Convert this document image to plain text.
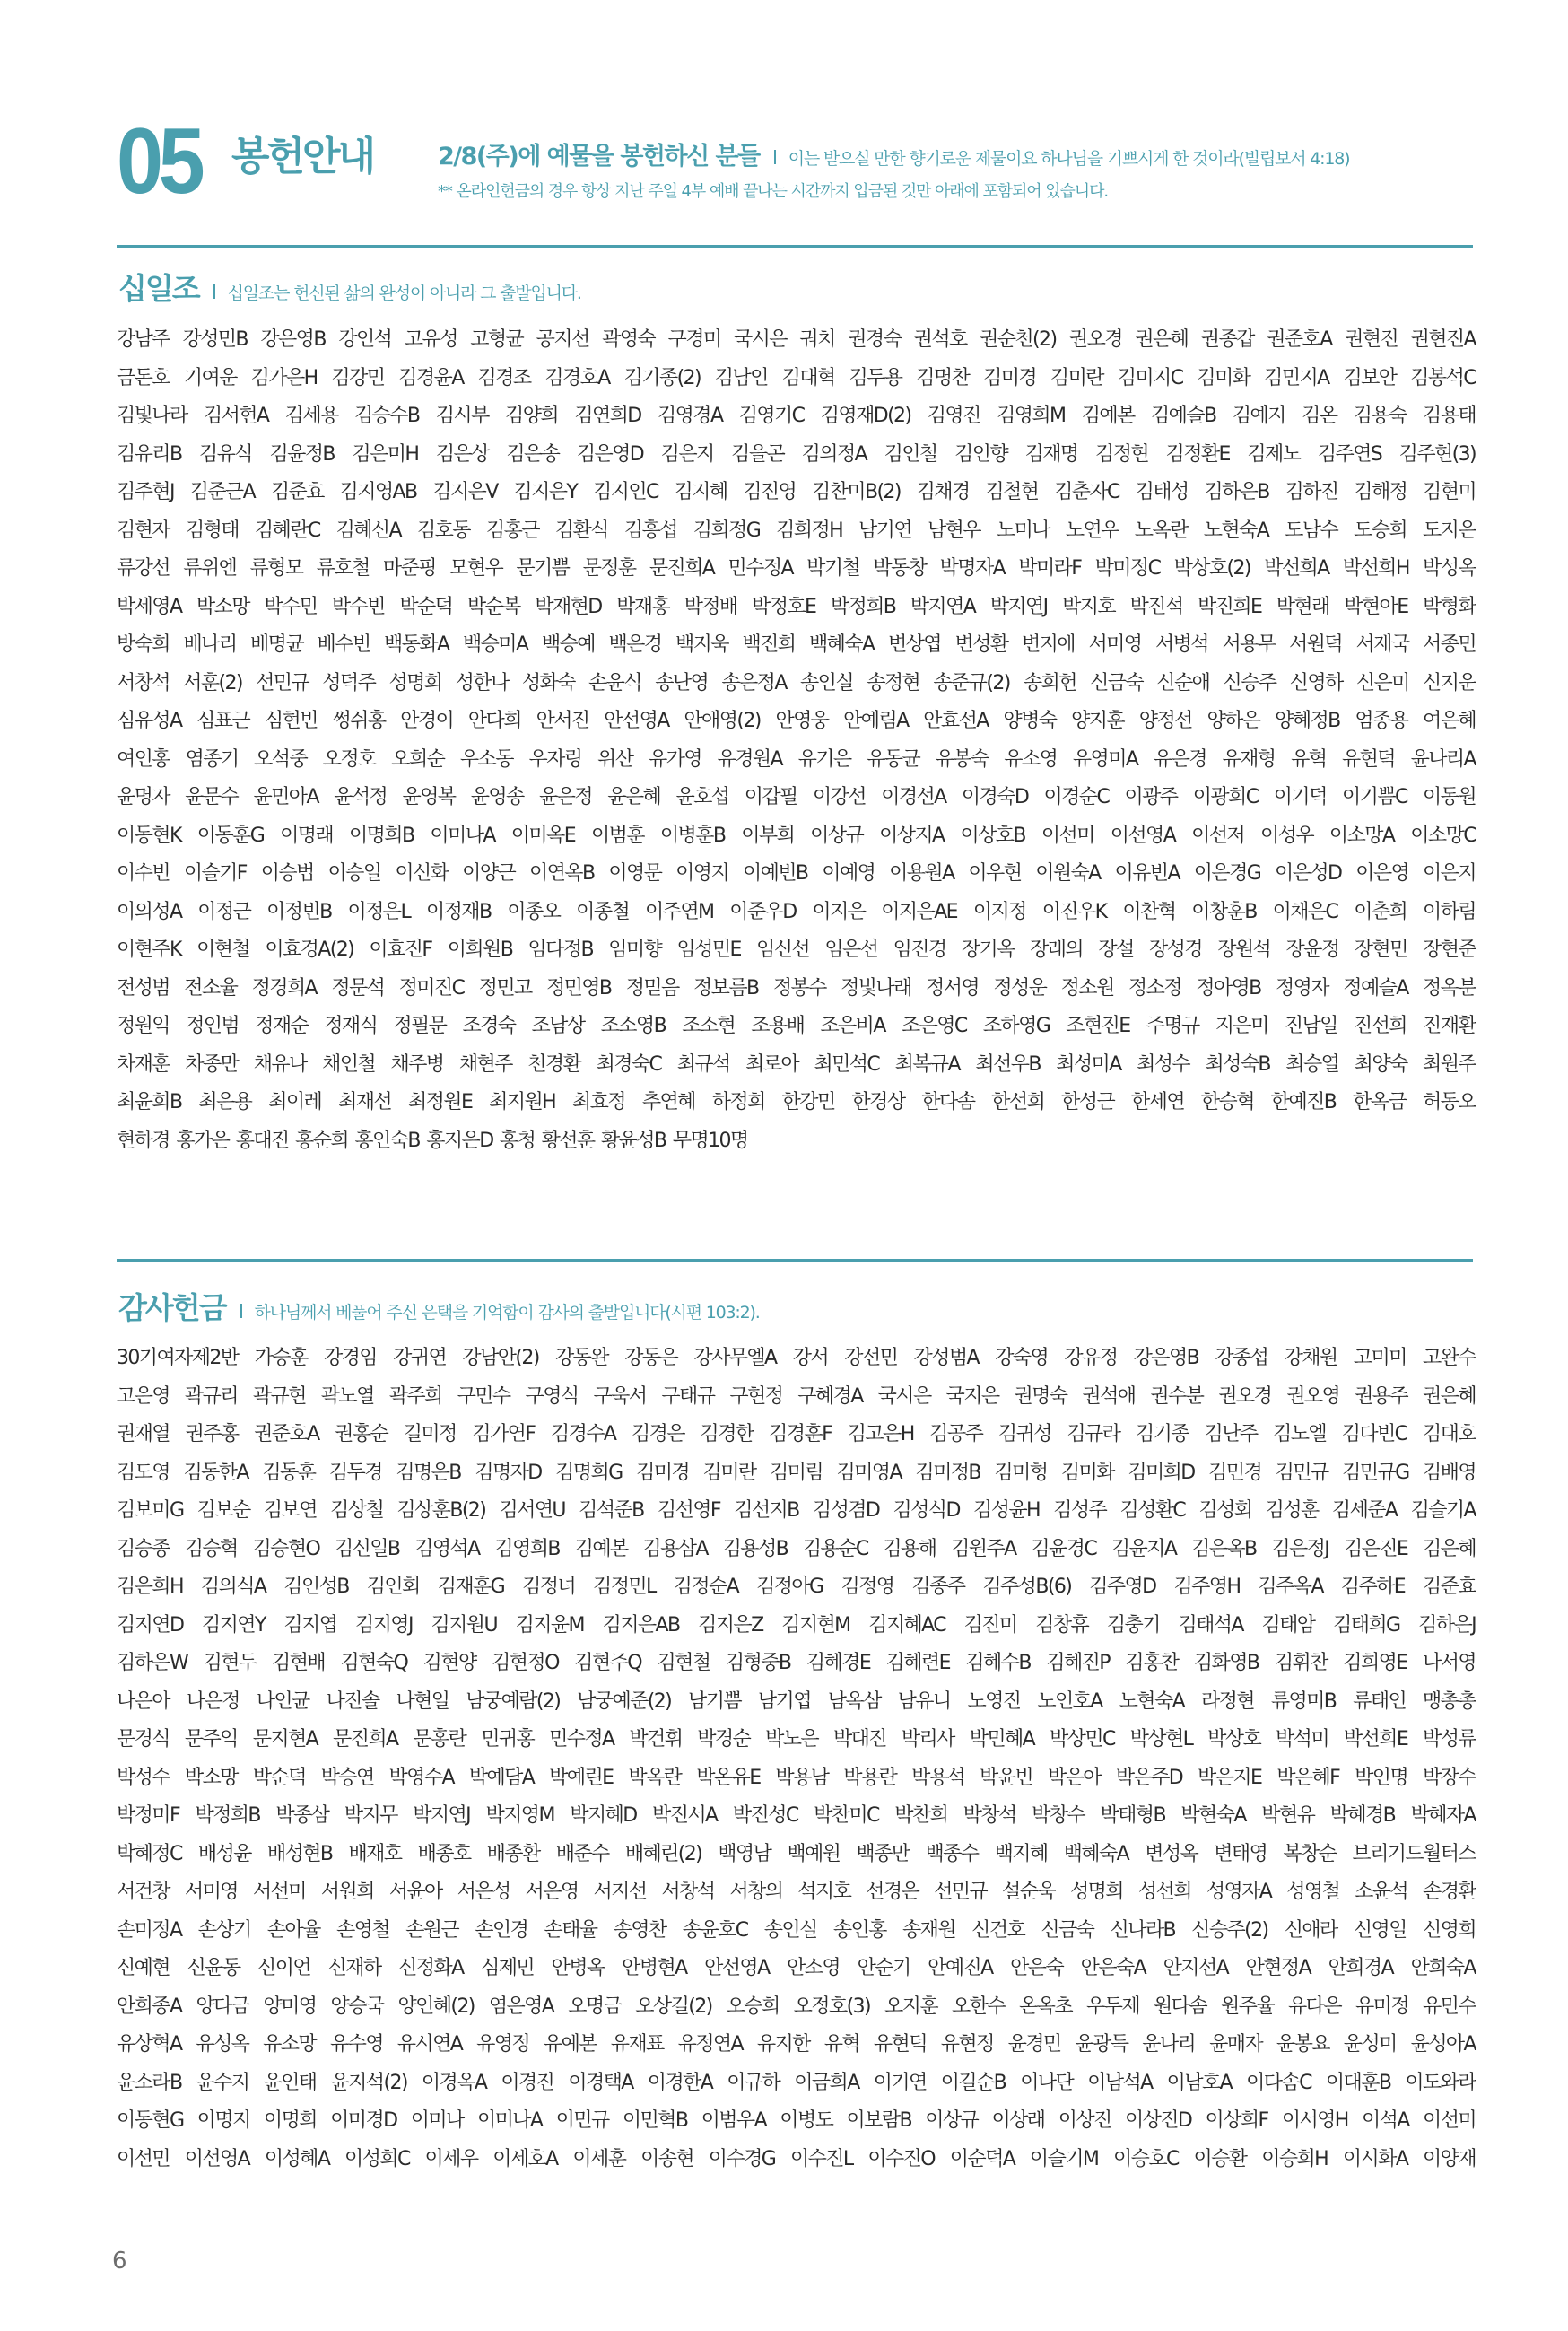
05 봉헌안내	2/8(주)에 예물을 봉헌하신 분들 이는 받으실 만한 향기로운 제물이요 하나님을 기쁘시게 한 것이라(빌립보서 4:18)
** 온라인헌금의 경우 항상 지난 주일 4부 예배 끝나는 시간까지 입금된 것만 아래에 포함되어 있습니다.
십일조 십일조는 헌신된 삶의 완성이 아니라 그 출발입니다.
강남주 강성민B 강은영B 강인석 고유성 고형균 공지선 곽영숙 구경미 국시은 궈치 권경숙 권석호 권순천(2) 권오경 권은혜 권종갑 권준호A 권현진 권현진A
금돈호 기여운 김가은H 김강민 김경윤A 김경조 김경호A 김기종(2) 김남인 김대혁 김두용 김명찬 김미경 김미란 김미지C 김미화 김민지A 김보안 김봉석C
김빛나라 김서현A 김세용 김승수B 김시부 김양희 김연희D 김영경A 김영기C 김영재D(2) 김영진 김영희M 김예본 김예슬B 김예지 김온 김용숙 김용태
김유리B 김유식 김윤정B 김은미H 김은상 김은송 김은영D 김은지 김을곤 김의정A 김인철 김인향 김재명 김정현 김정환E 김제노 김주연S 김주현(3)
김주현J 김준근A 김준효 김지영AB 김지은V 김지은Y 김지인C 김지혜 김진영 김찬미B(2) 김채경 김철현 김춘자C 김태성 김하은B 김하진 김해정 김현미
김현자 김형태 김혜란C 김혜신A 김호동 김홍근 김환식 김흥섭 김희정G 김희정H 남기연 남현우 노미나 노연우 노옥란 노현숙A 도남수 도승희 도지은
류강선 류위엔 류형모 류호철 마준핑 모현우 문기쁨 문정훈 문진희A 민수정A 박기철 박동창 박명자A 박미라F 박미정C 박상호(2) 박선희A 박선희H 박성옥
박세영A 박소망 박수민 박수빈 박순덕 박순복 박재현D 박재홍 박정배 박정호E 박정희B 박지연A 박지연J 박지호 박진석 박진희E 박현래 박현아E 박형화
방숙희 배나리 배명균 배수빈 백동화A 백승미A 백승예 백은경 백지욱 백진희 백혜숙A 변상엽 변성환 변지애 서미영 서병석 서용무 서원덕 서재국 서종민
서창석 서훈(2) 선민규 성덕주 성명희 성한나 성화숙 손윤식 송난영 송은정A 송인실 송정현 송준규(2) 송희헌 신금숙 신순애 신승주 신영하 신은미 신지운
심유성A 심표근 심현빈 썽쉬홍 안경이 안다희 안서진 안선영A 안애영(2) 안영웅 안예림A 안효선A 양병숙 양지훈 양정선 양하은 양혜정B 엄종용 여은혜
여인홍 염종기 오석중 오정호 오희순 우소동 우자링 위산 유가영 유경원A 유기은 유동균 유봉숙 유소영 유영미A 유은경 유재형 유혁 유현덕 윤나리A
윤명자 윤문수 윤민아A 윤석정 윤영복 윤영송 윤은정 윤은혜 윤호섭 이갑필 이강선 이경선A 이경숙D 이경순C 이광주 이광희C 이기덕 이기쁨C 이동원
이동현K 이동훈G 이명래 이명희B 이미나A 이미옥E 이범훈 이병훈B 이부희 이상규 이상지A 이상호B 이선미 이선영A 이선저 이성우 이소망A 이소망C
이수빈 이슬기F 이승법 이승일 이신화 이양근 이연옥B 이영문 이영지 이예빈B 이예영 이용원A 이우현 이원숙A 이유빈A 이은경G 이은성D 이은영 이은지
이의성A 이정근 이정빈B 이정은L 이정재B 이종오 이종철 이주연M 이준우D 이지은 이지은AE 이지정 이진우K 이찬혁 이창훈B 이채은C 이춘희 이하림
이현주K 이현철 이효경A(2) 이효진F 이희원B 임다정B 임미향 임성민E 임신선 임은선 임진경 장기옥 장래의 장설 장성경 장원석 장윤정 장현민 장현준
전성범 전소율 정경희A 정문석 정미진C 정민고 정민영B 정믿음 정보름B 정봉수 정빛나래 정서영 정성운 정소원 정소정 정아영B 정영자 정예슬A 정옥분
정원익 정인범 정재순 정재식 정필문 조경숙 조남상 조소영B 조소현 조용배 조은비A 조은영C 조하영G 조현진E 주명규 지은미 진남일 진선희 진재환
차재훈 차종만 채유나 채인철 채주병 채현주 천경환 최경숙C 최규석 최로아 최민석C 최복규A 최선우B 최성미A 최성수 최성숙B 최승열 최양숙 최원주
최윤희B 최은용 최이레 최재선 최정원E 최지원H 최효정 추연혜 하정희 한강민 한경상 한다솜 한선희 한성근 한세연 한승혁 한예진B 한옥금 허동오
현하경 홍가은 홍대진 홍순희 홍인숙B 홍지은D 홍청 황선훈 황윤성B 무명10명
감사헌금 하나님께서 베풀어 주신 은택을 기억함이 감사의 출발입니다(시편 103:2).
30기여자제2반 가승훈 강경임 강귀연 강남안(2) 강동완 강동은 강사무엘A 강서 강선민 강성범A 강숙영 강유정 강은영B 강종섭 강채원 고미미 고완수
고은영 곽규리 곽규현 곽노열 곽주희 구민수 구영식 구욱서 구태규 구현정 구혜경A 국시은 국지은 권명숙 권석애 권수분 권오경 권오영 권용주 권은혜
권재열 권주홍 권준호A 권홍순 길미정 김가연F 김경수A 김경은 김경한 김경훈F 김고은H 김공주 김귀성 김규라 김기종 김난주 김노엘 김다빈C 김대호
김도영 김동한A 김동훈 김두경 김명은B 김명자D 김명희G 김미경 김미란 김미림 김미영A 김미정B 김미형 김미화 김미희D 김민경 김민규 김민규G 김배영
김보미G 김보순 김보연 김상철 김상훈B(2) 김서연U 김석준B 김선영F 김선지B 김성겸D 김성식D 김성윤H 김성주 김성환C 김성회 김성훈 김세준A 김슬기A
김승종 김승혁 김승현O 김신일B 김영석A 김영희B 김예본 김용삼A 김용성B 김용순C 김용해 김원주A 김윤경C 김윤지A 김은옥B 김은정J 김은진E 김은혜
김은희H 김의식A 김인성B 김인회 김재훈G 김정녀 김정민L 김정순A 김정아G 김정영 김종주 김주성B(6) 김주영D 김주영H 김주옥A 김주하E 김준효
김지연D 김지연Y 김지엽 김지영J 김지원U 김지윤M 김지은AB 김지은Z 김지현M 김지혜AC 김진미 김창휴 김충기 김태석A 김태암 김태희G 김하은J
김하은W 김현두 김현배 김현숙Q 김현양 김현정O 김현주Q 김현철 김형중B 김혜경E 김혜련E 김혜수B 김혜진P 김홍찬 김화영B 김휘찬 김희영E 나서영
나은아 나은정 나인균 나진솔 나현일 남궁예람(2) 남궁예준(2) 남기쁨 남기엽 남옥삼 남유니 노영진 노인호A 노현숙A 라정현 류영미B 류태인 맹총총
문경식 문주익 문지현A 문진희A 문홍란 민귀홍 민수정A 박건휘 박경순 박노은 박대진 박리사 박민혜A 박상민C 박상현L 박상호 박석미 박선희E 박성류
박성수 박소망 박순덕 박승연 박영수A 박예담A 박예린E 박옥란 박온유E 박용남 박용란 박용석 박윤빈 박은아 박은주D 박은지E 박은혜F 박인명 박장수
박정미F 박정희B 박종삼 박지무 박지연J 박지영M 박지혜D 박진서A 박진성C 박찬미C 박찬희 박창석 박창수 박태형B 박현숙A 박현유 박혜경B 박혜자A
박혜정C 배성윤 배성현B 배재호 배종호 배종환 배준수 배혜린(2) 백영남 백예원 백종만 백종수 백지혜 백혜숙A 변성옥 변태영 복창순 브리기드월터스
서건창 서미영 서선미 서원희 서윤아 서은성 서은영 서지선 서창석 서창의 석지호 선경은 선민규 설순욱 성명희 성선희 성영자A 성영철 소윤석 손경환
손미정A 손상기 손아율 손영철 손원근 손인경 손태율 송영찬 송윤호C 송인실 송인홍 송재원 신건호 신금숙 신나라B 신승주(2) 신애라 신영일 신영희
신예현 신윤동 신이언 신재하 신정화A 심제민 안병옥 안병현A 안선영A 안소영 안순기 안예진A 안은숙 안은숙A 안지선A 안현정A 안희경A 안희숙A
안희종A 양다금 양미영 양승국 양인혜(2) 염은영A 오명금 오상길(2) 오승희 오정호(3) 오지훈 오한수 온옥초 우두제 원다솜 원주율 유다은 유미정 유민수
유상혁A 유성옥 유소망 유수영 유시연A 유영정 유예본 유재표 유정연A 유지한 유혁 유현덕 유현정 윤경민 윤광득 윤나리 윤매자 윤봉요 윤성미 윤성아A
윤소라B 윤수지 윤인태 윤지석(2) 이경옥A 이경진 이경택A 이경한A 이규하 이금희A 이기연 이길순B 이나단 이남석A 이남호A 이다솜C 이대훈B 이도와라
이동현G 이명지 이명희 이미경D 이미나 이미나A 이민규 이민혁B 이범우A 이병도 이보람B 이상규 이상래 이상진 이상진D 이상희F 이서영H 이석A 이선미
이선민 이선영A 이성혜A 이성희C 이세우 이세호A 이세훈 이송현 이수경G 이수진L 이수진O 이순덕A 이슬기M 이승호C 이승환 이승희H 이시화A 이양재
6
